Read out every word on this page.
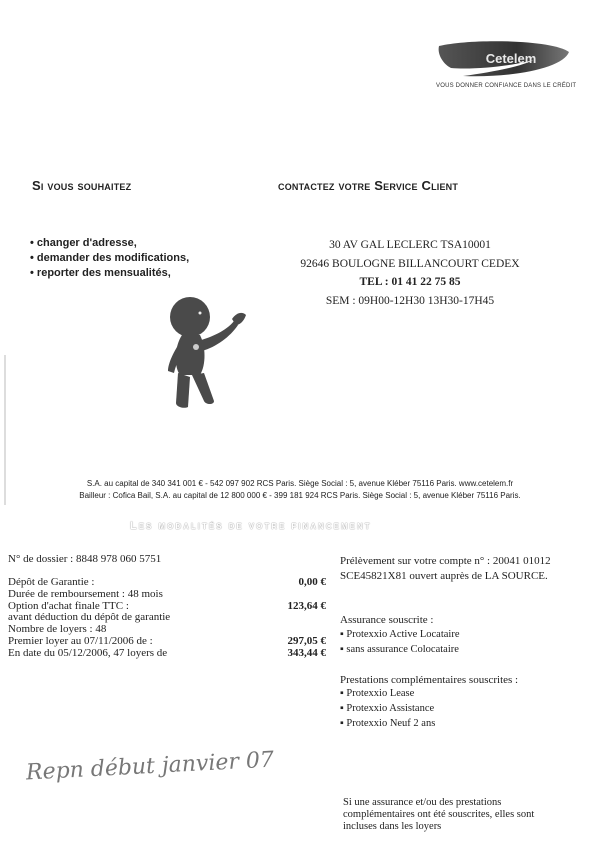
Cetelem
VOUS DONNER CONFIANCE DANS LE CRÉDIT
Si vous souhaitez	contactez votre Service Client
• changer d'adresse,
• demander des modifications,
• reporter des mensualités,
30 AV GAL LECLERC TSA10001
92646 BOULOGNE BILLANCOURT CEDEX
TEL : 01 41 22 75 85
SEM : 09H00-12H30 13H30-17H45
S.A. au capital de 340 341 001 € - 542 097 902 RCS Paris. Siège Social : 5, avenue Kléber 75116 Paris. www.cetelem.fr
Bailleur : Cofica Bail, S.A. au capital de 12 800 000 € - 399 181 924 RCS Paris. Siège Social : 5, avenue Kléber 75116 Paris.
Les modalités de votre financement
N° de dossier : 8848 978 060 5751
Dépôt de Garantie :	0,00 €
Durée de remboursement : 48 mois
Option d'achat finale TTC :	123,64 €
avant déduction du dépôt de garantie
Nombre de loyers : 48
Premier loyer au 07/11/2006 de :	297,05 €
En date du 05/12/2006, 47 loyers de	343,44 €
Prélèvement sur votre compte n° : 20041 01012 SCE45821X81 ouvert auprès de LA SOURCE.
Assurance souscrite :
▪ Protexxio Active Locataire
▪ sans assurance Colocataire
Prestations complémentaires souscrites :
▪ Protexxio Lease
▪ Protexxio Assistance
▪ Protexxio Neuf 2 ans
Repn début janvier 07
Si une assurance et/ou des prestations complémentaires ont été souscrites, elles sont incluses dans les loyers
